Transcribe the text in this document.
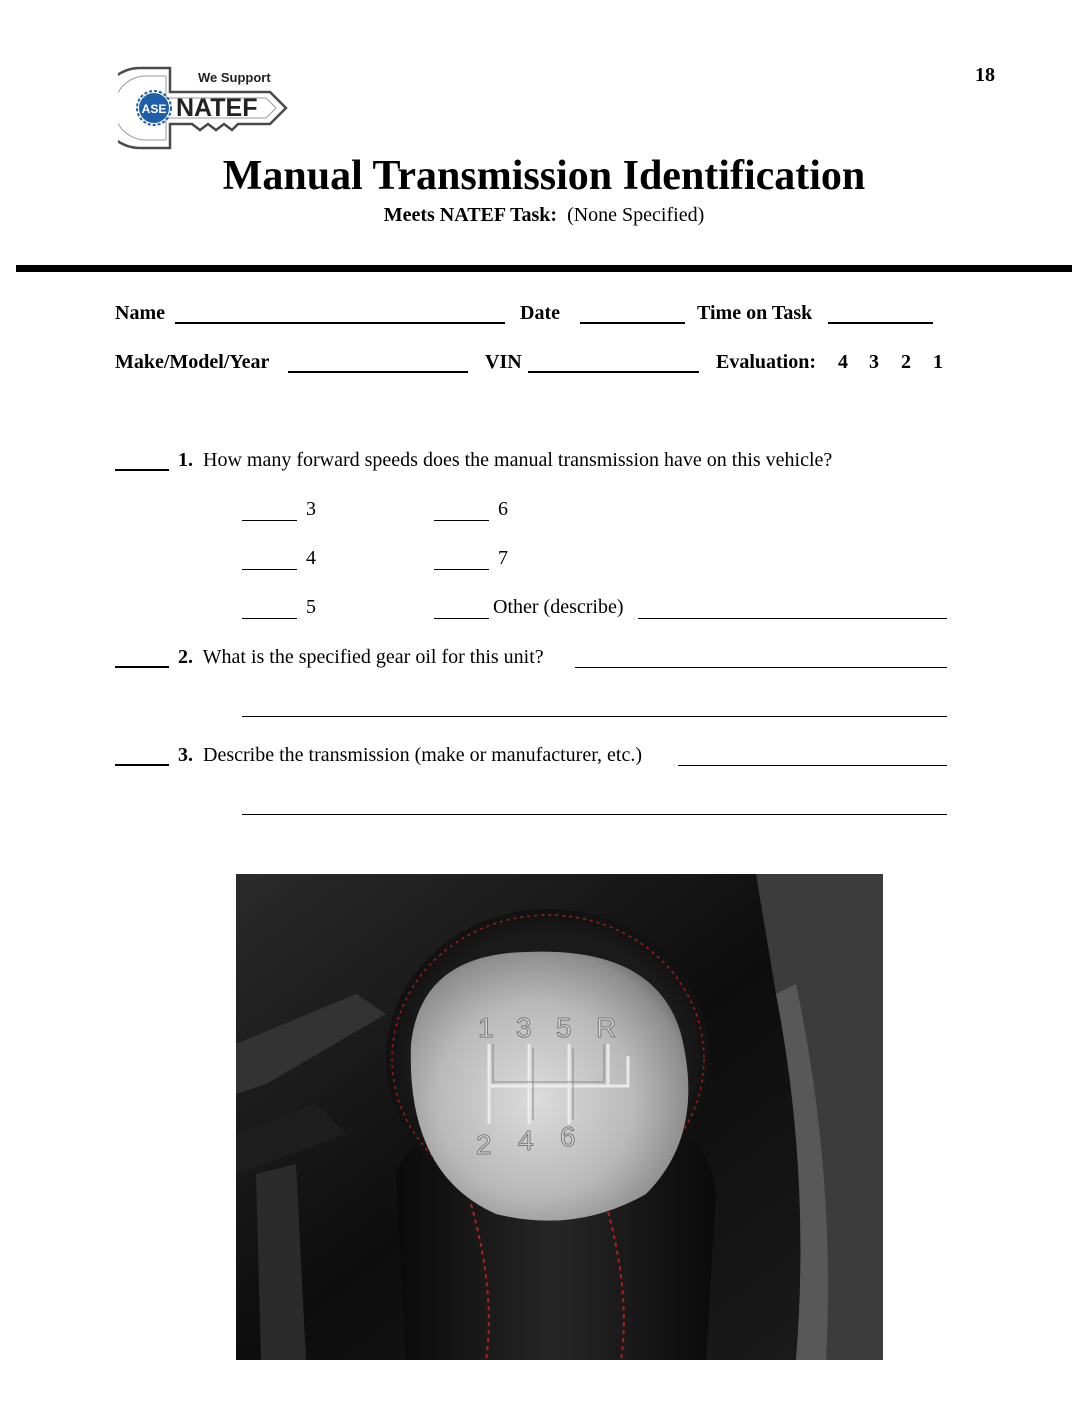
18
ASE
We Support
NATEF
Manual Transmission Identification
Meets NATEF Task: (None Specified)
Name	Date	Time on Task
Make/Model/Year	VIN	Evaluation: 4 3 2 1
1. How many forward speeds does the manual transmission have on this vehicle?
3	6
4	7
5	Other (describe)
2. What is the specified gear oil for this unit?
3. Describe the transmission (make or manufacturer, etc.)
1 3 5 R
2 4 6
